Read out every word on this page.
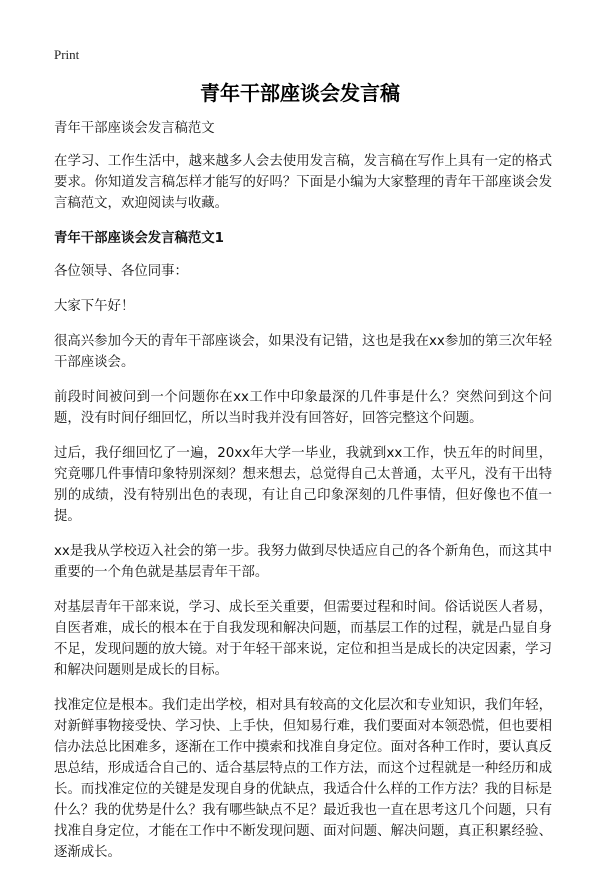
Print
青年干部座谈会发言稿

青年干部座谈会发言稿范文

在学习、工作生活中，越来越多人会去使用发言稿，发言稿在写作上具有一定的格式要求。你知道发言稿怎样才能写的好吗？下面是小编为大家整理的青年干部座谈会发言稿范文，欢迎阅读与收藏。

青年干部座谈会发言稿范文1

各位领导、各位同事：

大家下午好！

很高兴参加今天的青年干部座谈会，如果没有记错，这也是我在xx参加的第三次年轻干部座谈会。

前段时间被问到一个问题你在xx工作中印象最深的几件事是什么？突然问到这个问题，没有时间仔细回忆，所以当时我并没有回答好，回答完整这个问题。

过后，我仔细回忆了一遍，20xx年大学一毕业，我就到xx工作，快五年的时间里，究竟哪几件事情印象特别深刻？想来想去，总觉得自己太普通，太平凡，没有干出特别的成绩，没有特别出色的表现，有让自己印象深刻的几件事情，但好像也不值一提。

xx是我从学校迈入社会的第一步。我努力做到尽快适应自己的各个新角色，而这其中重要的一个角色就是基层青年干部。

对基层青年干部来说，学习、成长至关重要，但需要过程和时间。俗话说医人者易，自医者难，成长的根本在于自我发现和解决问题，而基层工作的过程，就是凸显自身不足，发现问题的放大镜。对于年轻干部来说，定位和担当是成长的决定因素，学习和解决问题则是成长的目标。

找准定位是根本。我们走出学校，相对具有较高的文化层次和专业知识，我们年轻，对新鲜事物接受快、学习快、上手快，但知易行难，我们要面对本领恐慌，但也要相信办法总比困难多，逐渐在工作中摸索和找准自身定位。面对各种工作时，要认真反思总结，形成适合自己的、适合基层特点的工作方法，而这个过程就是一种经历和成长。而找准定位的关键是发现自身的优缺点，我适合什么样的工作方法？我的目标是什么？我的优势是什么？我有哪些缺点不足？最近我也一直在思考这几个问题，只有找准自身定位，才能在工作中不断发现问题、面对问题、解决问题，真正积累经验、逐渐成长。
